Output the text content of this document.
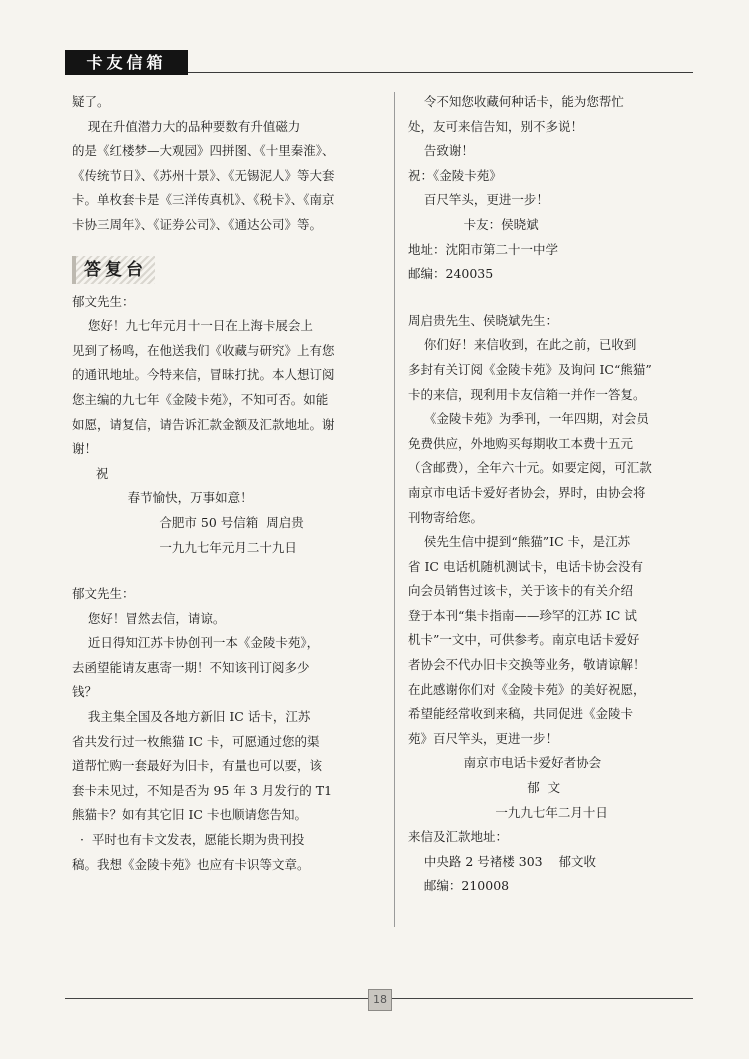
卡友信箱

疑了。

现在升值潜力大的品种要数有升值磁力

的是《红楼梦—大观园》四拼图、《十里秦淮》、

《传统节日》、《苏州十景》、《无锡泥人》等大套

卡。单枚套卡是《三洋传真机》、《税卡》、《南京

卡协三周年》、《证券公司》、《通达公司》等。

答复台

郁文先生：

您好！九七年元月十一日在上海卡展会上

见到了杨鸣，在他送我们《收藏与研究》上有您

的通讯地址。今特来信，冒昧打扰。本人想订阅

您主编的九七年《金陵卡苑》，不知可否。如能

如愿，请复信，请告诉汇款金额及汇款地址。谢

谢！

祝

春节愉快，万事如意！

合肥市 50 号信箱  周启贵

一九九七年元月二十九日

郁文先生：

您好！冒然去信，请谅。

近日得知江苏卡协创刊一本《金陵卡苑》，

去函望能请友惠寄一期！不知该刊订阅多少

钱？

我主集全国及各地方新旧 IC 话卡，江苏

省共发行过一枚熊猫 IC 卡，可愿通过您的渠

道帮忙购一套最好为旧卡，有量也可以要，该

套卡未见过，不知是否为 95 年 3 月发行的 T1

熊猫卡？如有其它旧 IC 卡也顺请您告知。

·  平时也有卡文发表，愿能长期为贵刊投

稿。我想《金陵卡苑》也应有卡识等文章。

令不知您收藏何种话卡，能为您帮忙

处，友可来信告知，别不多说！

告致谢！

祝：《金陵卡苑》

百尺竿头，更进一步！

卡友：侯晓斌

地址：沈阳市第二十一中学

邮编：240035

周启贵先生、侯晓斌先生：

你们好！来信收到，在此之前，已收到

多封有关订阅《金陵卡苑》及询问 IC“熊猫”

卡的来信，现利用卡友信箱一并作一答复。

《金陵卡苑》为季刊，一年四期，对会员

免费供应，外地购买每期收工本费十五元

（含邮费），全年六十元。如要定阅，可汇款

南京市电话卡爱好者协会，界时，由协会将

刊物寄给您。

侯先生信中提到“熊猫”IC 卡，是江苏

省 IC 电话机随机测试卡，电话卡协会没有

向会员销售过该卡，关于该卡的有关介绍

登于本刊“集卡指南——珍罕的江苏 IC 试

机卡”一文中，可供参考。南京电话卡爱好

者协会不代办旧卡交换等业务，敬请谅解！

在此感谢你们对《金陵卡苑》的美好祝愿，

希望能经常收到来稿，共同促进《金陵卡

苑》百尺竿头，更进一步！

南京市电话卡爱好者协会

郁  文

一九九七年二月十日

来信及汇款地址：

中央路 2 号褚楼 303    郁文收

邮编：210008

18
